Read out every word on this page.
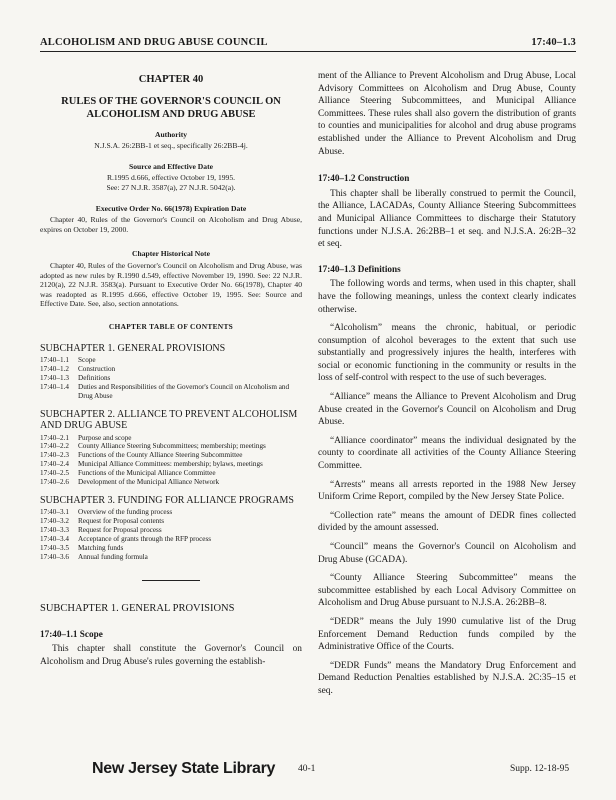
ALCOHOLISM AND DRUG ABUSE COUNCIL	17:40–1.3
CHAPTER 40
RULES OF THE GOVERNOR'S COUNCIL ON ALCOHOLISM AND DRUG ABUSE
Authority
N.J.S.A. 26:2BB-1 et seq., specifically 26:2BB-4j.
Source and Effective Date
R.1995 d.666, effective October 19, 1995.
See: 27 N.J.R. 3587(a), 27 N.J.R. 5042(a).
Executive Order No. 66(1978) Expiration Date
Chapter 40, Rules of the Governor's Council on Alcoholism and Drug Abuse, expires on October 19, 2000.
Chapter Historical Note
Chapter 40, Rules of the Governor's Council on Alcoholism and Drug Abuse, was adopted as new rules by R.1990 d.549, effective November 19, 1990. See: 22 N.J.R. 2120(a), 22 N.J.R. 3583(a). Pursuant to Executive Order No. 66(1978), Chapter 40 was readopted as R.1995 d.666, effective October 19, 1995. See: Source and Effective Date. See, also, section annotations.
CHAPTER TABLE OF CONTENTS
SUBCHAPTER 1. GENERAL PROVISIONS
17:40–1.1	Scope
17:40–1.2	Construction
17:40–1.3	Definitions
17:40–1.4	Duties and Responsibilities of the Governor's Council on Alcoholism and Drug Abuse
SUBCHAPTER 2. ALLIANCE TO PREVENT ALCOHOLISM AND DRUG ABUSE
17:40–2.1	Purpose and scope
17:40–2.2	County Alliance Steering Subcommittees; membership; meetings
17:40–2.3	Functions of the County Alliance Steering Subcommittee
17:40–2.4	Municipal Alliance Committees: membership; bylaws, meetings
17:40–2.5	Functions of the Municipal Alliance Committee
17:40–2.6	Development of the Municipal Alliance Network
SUBCHAPTER 3. FUNDING FOR ALLIANCE PROGRAMS
17:40–3.1	Overview of the funding process
17:40–3.2	Request for Proposal contents
17:40–3.3	Request for Proposal process
17:40–3.4	Acceptance of grants through the RFP process
17:40–3.5	Matching funds
17:40–3.6	Annual funding formula
SUBCHAPTER 1. GENERAL PROVISIONS
17:40–1.1 Scope

This chapter shall constitute the Governor's Council on Alcoholism and Drug Abuse's rules governing the establish-

ment of the Alliance to Prevent Alcoholism and Drug Abuse, Local Advisory Committees on Alcoholism and Drug Abuse, County Alliance Steering Subcommittees, and Municipal Alliance Committees. These rules shall also govern the distribution of grants to counties and municipalities for alcohol and drug abuse programs established under the Alliance to Prevent Alcoholism and Drug Abuse.

17:40–1.2 Construction

This chapter shall be liberally construed to permit the Council, the Alliance, LACADAs, County Alliance Steering Subcommittees and Municipal Alliance Committees to discharge their Statutory functions under N.J.S.A. 26:2BB–1 et seq. and N.J.S.A. 26:2B–32 et seq.

17:40–1.3 Definitions

The following words and terms, when used in this chapter, shall have the following meanings, unless the context clearly indicates otherwise.

“Alcoholism” means the chronic, habitual, or periodic consumption of alcohol beverages to the extent that such use substantially and progressively injures the health, interferes with social or economic functioning in the community or results in the loss of self-control with respect to the use of such beverages.

“Alliance” means the Alliance to Prevent Alcoholism and Drug Abuse created in the Governor's Council on Alcoholism and Drug Abuse.

“Alliance coordinator” means the individual designated by the county to coordinate all activities of the County Alliance Steering Committee.

“Arrests” means all arrests reported in the 1988 New Jersey Uniform Crime Report, compiled by the New Jersey State Police.

“Collection rate” means the amount of DEDR fines collected divided by the amount assessed.

“Council” means the Governor's Council on Alcoholism and Drug Abuse (GCADA).

“County Alliance Steering Subcommittee” means the subcommittee established by each Local Advisory Committee on Alcoholism and Drug Abuse pursuant to N.J.S.A. 26:2BB–8.

“DEDR” means the July 1990 cumulative list of the Drug Enforcement Demand Reduction funds compiled by the Administrative Office of the Courts.

“DEDR Funds” means the Mandatory Drug Enforcement and Demand Reduction Penalties established by N.J.S.A. 2C:35–15 et seq.

New Jersey State Library 40-1	Supp. 12-18-95
